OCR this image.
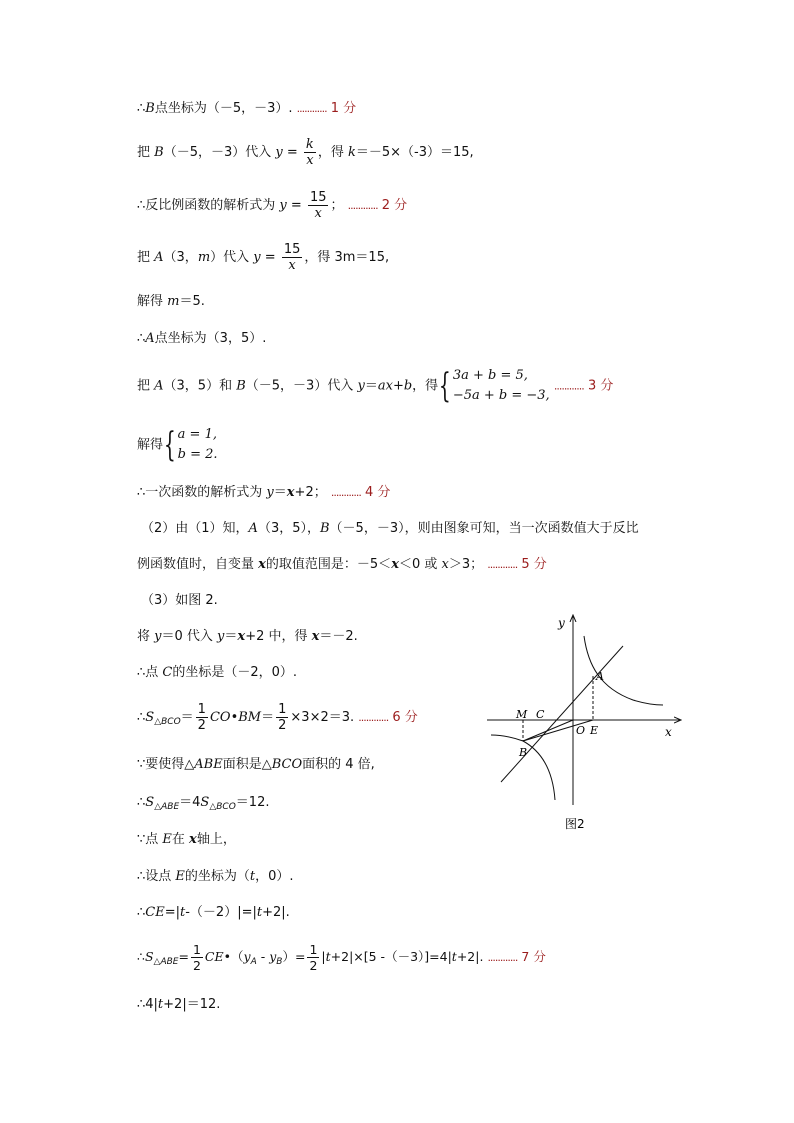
∴B点坐标为（－5，－3）. ............ 1 分
把 B（－5，－3）代入 $y = \frac{k}{x}$ ，得 k＝－5×（-3）＝15,
∴反比例函数的解析式为 $y = \frac{15}{x}$ ； ............ 2 分
把 A（3，m）代入 $y = \frac{15}{x}$ ，得 3m＝15,
解得 m＝5.
∴A点坐标为（3，5）.
把 A（3，5）和 B（－5，－3）代入 y＝ax+b，得{ 3a + b = 5,
−5a + b = −3,
............ 3 分
解得{ a = 1,
b = 2.
∴一次函数的解析式为 y＝x+2； ............ 4 分
（2）由（1）知，A（3，5），B（－5，－3），则由图象可知，当一次函数值大于反比
例函数值时，自变量 x的取值范围是：－5＜x＜0 或 x＞3； ............ 5 分
（3）如图 2.
将 y＝0 代入 y＝x+2 中，得 x＝－2.
∴点 C的坐标是（－2，0）.
$\therefore S_{\triangle BCO}= \frac{1}{2}$ CO•BM＝ $\frac{1}{2} \times 3\times 2=3$. ............ 6 分
∵要使得△ABE面积是△BCO面积的 4 倍,
$\therefore S_{\triangle ABE}=4S_{\triangle BCO}=12$.
∵点 E在 x轴上，
∴设点 E的坐标为（t，0）.
∴CE=|t-（－2）|=|t+2|.
$\therefore S_{\triangle ABE}= \frac{1}{2}$ $CE•(y_A - y_B)= \frac{1}{2} |t+2|\times[5$ -（－3）]=4|t+2|. ............ 7 分
∴4|t+2|＝12.
y
x
A
B
C
M
O E
图2
